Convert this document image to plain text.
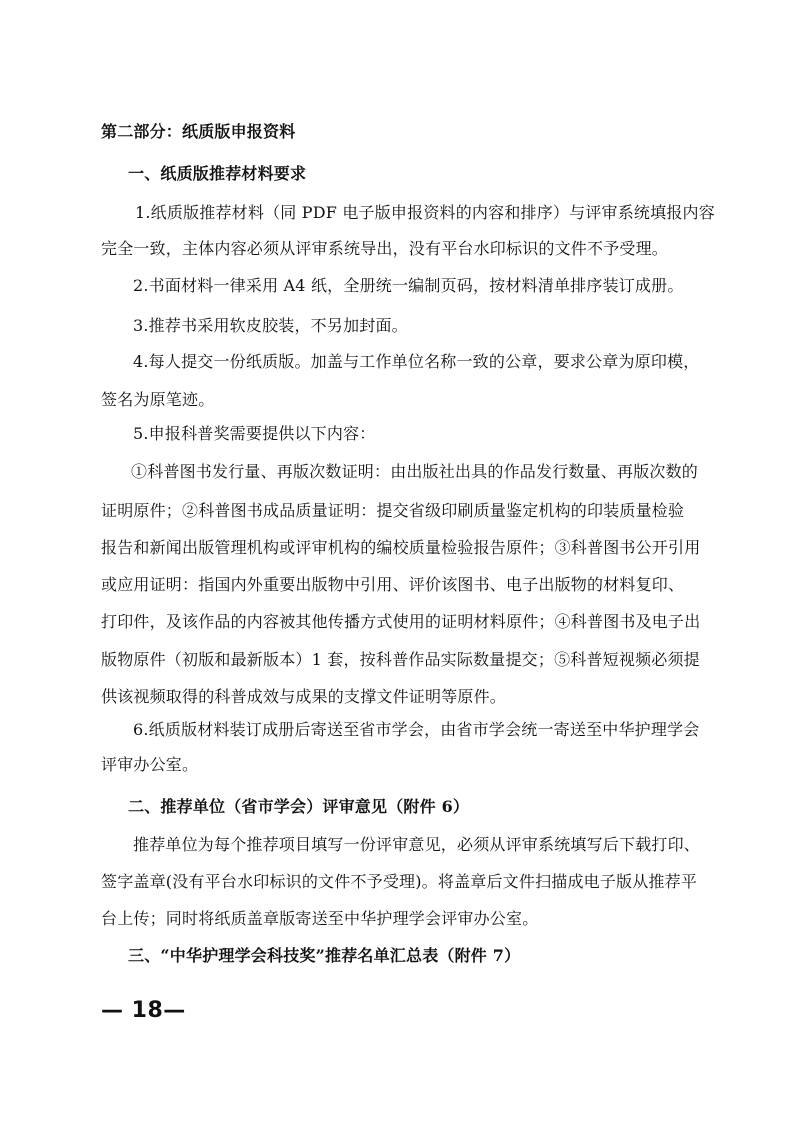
第二部分：纸质版申报资料
一、纸质版推荐材料要求
1.纸质版推荐材料（同 PDF 电子版申报资料的内容和排序）与评审系统填报内容
完全一致，主体内容必须从评审系统导出，没有平台水印标识的文件不予受理。
2.书面材料一律采用 A4 纸，全册统一编制页码，按材料清单排序装订成册。
3.推荐书采用软皮胶装，不另加封面。
4.每人提交一份纸质版。加盖与工作单位名称一致的公章，要求公章为原印模，
签名为原笔迹。
5.申报科普奖需要提供以下内容：
①科普图书发行量、再版次数证明：由出版社出具的作品发行数量、再版次数的
证明原件；②科普图书成品质量证明：提交省级印刷质量鉴定机构的印装质量检验
报告和新闻出版管理机构或评审机构的编校质量检验报告原件；③科普图书公开引用
或应用证明：指国内外重要出版物中引用、评价该图书、电子出版物的材料复印、
打印件，及该作品的内容被其他传播方式使用的证明材料原件；④科普图书及电子出
版物原件（初版和最新版本）1 套，按科普作品实际数量提交；⑤科普短视频必须提
供该视频取得的科普成效与成果的支撑文件证明等原件。
6.纸质版材料装订成册后寄送至省市学会，由省市学会统一寄送至中华护理学会
评审办公室。
二、推荐单位（省市学会）评审意见（附件 6）
推荐单位为每个推荐项目填写一份评审意见，必须从评审系统填写后下载打印、
签字盖章(没有平台水印标识的文件不予受理)。将盖章后文件扫描成电子版从推荐平
台上传；同时将纸质盖章版寄送至中华护理学会评审办公室。
三、“中华护理学会科技奖”推荐名单汇总表（附件 7）
— 18—
